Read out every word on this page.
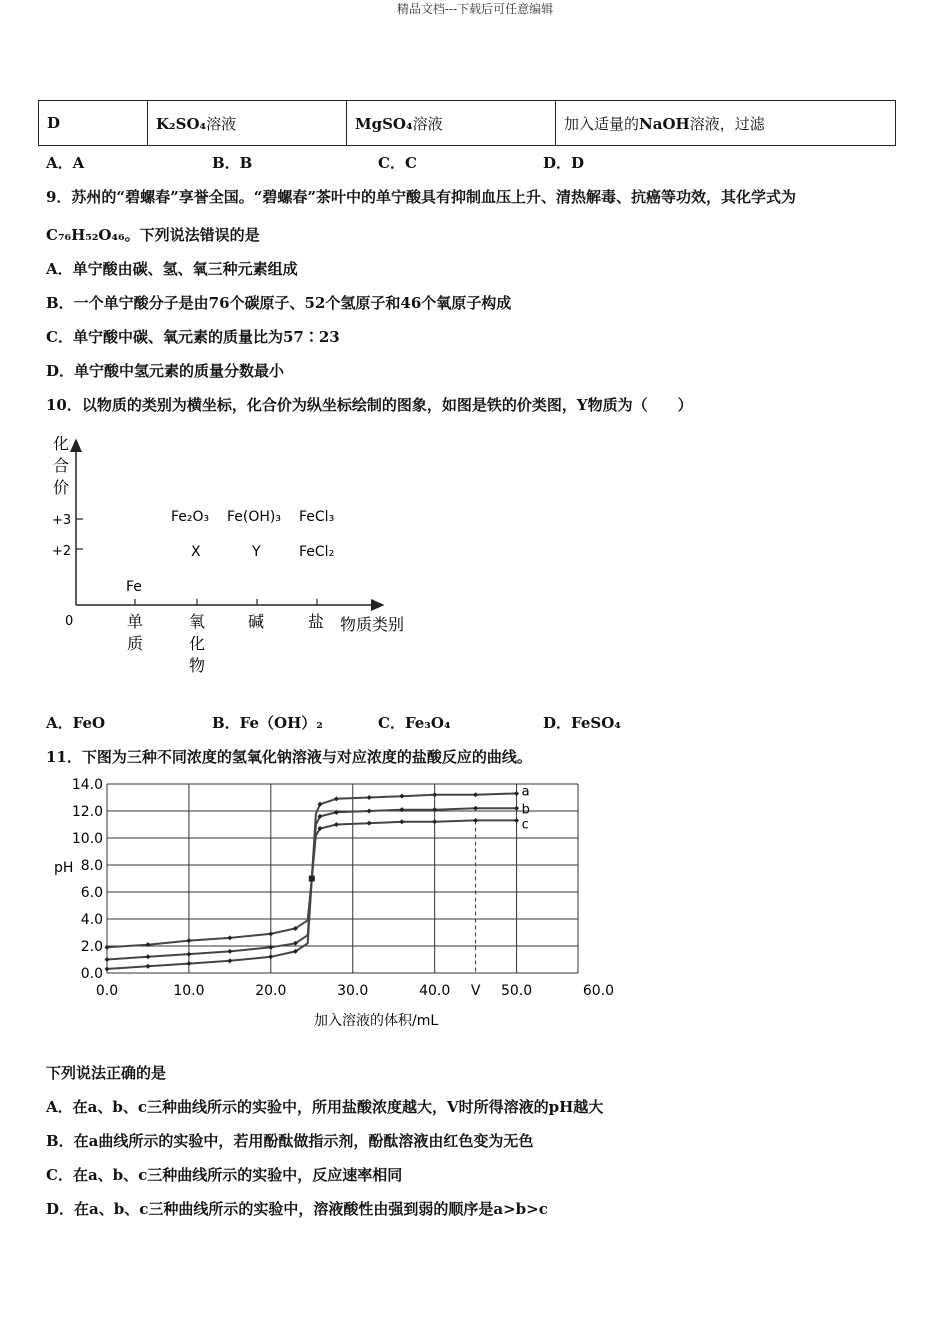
精品文档---下载后可任意编辑
D	K₂SO₄溶液	MgSO₄溶液	加入适量的NaOH溶液，过滤
A．A	B．B	C．C	D．D
9．苏州的“碧螺春”享誉全国。“碧螺春”茶叶中的单宁酸具有抑制血压上升、清热解毒、抗癌等功效，其化学式为
C₇₆H₅₂O₄₆。下列说法错误的是
A．单宁酸由碳、氢、氧三种元素组成
B．一个单宁酸分子是由76个碳原子、52个氢原子和46个氧原子构成
C．单宁酸中碳、氧元素的质量比为57∶23
D．单宁酸中氢元素的质量分数最小
10．以物质的类别为横坐标，化合价为纵坐标绘制的图象，如图是铁的价类图，Y物质为（　　）
化
合
价
+3
+2
0	物质类别
单
质
氧
化
物
碱	盐
Fe
Fe₂O₃ Fe(OH)₃ FeCl₃
X	Y	FeCl₂
A．FeO	B．Fe（OH）₂	C．Fe₃O₄	D．FeSO₄
11．下图为三种不同浓度的氢氧化钠溶液与对应浓度的盐酸反应的曲线。
0.0
2.0
4.0
6.0
8.0
10.0
12.0
14.0
0.0	10.0	20.0	30.0	40.0	50.0	60.0
V
a
b
c
pH
加入溶液的体积/mL
下列说法正确的是
A．在a、b、c三种曲线所示的实验中，所用盐酸浓度越大，V时所得溶液的pH越大
B．在a曲线所示的实验中，若用酚酞做指示剂，酚酞溶液由红色变为无色
C．在a、b、c三种曲线所示的实验中，反应速率相同
D．在a、b、c三种曲线所示的实验中，溶液酸性由强到弱的顺序是a>b>c
